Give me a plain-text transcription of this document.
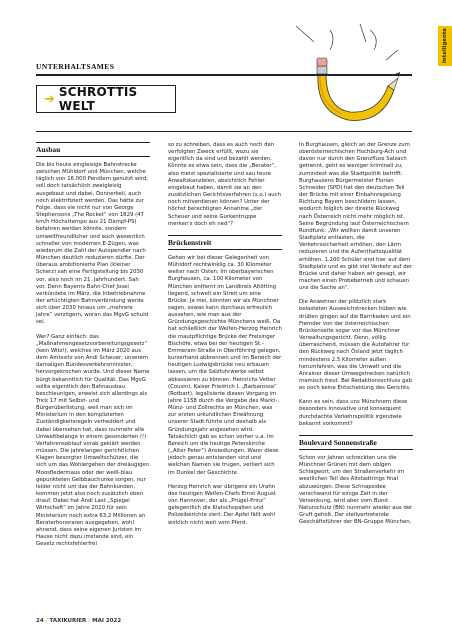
Intelligenta
UNTERHALTSAMES
➔ SCHROTTIS WELT
Ausbau

Die bis heute eingleisige Bahnstrecke zwischen Mühldorf und München, welche täglich von 16.000 Pendlern genutzt wird, soll doch tatsächlich zweigleisig ausgebaut und dabei, Donnerkeil, auch noch elektrifiziert werden. Das hätte zur Folge, dass sie nicht nur von George Stephensons „The Rocket“ von 1829 (47 km/h Höchsttempo aus 21 Dampf-PS) befahren werden könnte, sondern umweltfreundlicher und auch wesentlich schneller von modernen E-Zügen, was wiederum die Zahl der Autopendler nach München deutlich reduzieren dürfte. Der überaus ambitionierte Plan (kleiner Scherz) sah eine Fertigstellung bis 2030 vor, also noch im 21. Jahrhundert. Sah vor. Denn Bayerns Bahn-Chef Josel verkündete im März, die Inbetriebnahme der ertüchtigten Bahnverbindung werde sich über 2030 hinaus um „mehrere Jahre“ verzögern, woran das MgvG schuld sei.

Wer? Ganz einfach: das „Maßnahmengesetzvorbereitungsgesetz“ (kein Witz!), welches im März 2020 aus dem Amtssitz von Andi Scheuer, unserem damaligen Bundesverkehrsminister, hervorgekrochen wurde. Und dieser Name bürgt bekanntlich für Qualität. Das MgvG sollte eigentlich den Bahnausbau beschleunigen, erweist sich allerdings als Trick 17 mit Selbst- und Bürgerüberlistung, weil man sich im Ministerium in den komplizierten Zuständigkeitsregeln verheddert und dabei übersehen hat, dass nunmehr alle Umweltbelange in einem gesonderten (!) Verfahrensablauf vorab geklärt werden müssen. Die jahrelangen gerichtlichen Klagen besorgter Umweltschützer, die sich um das Wohlergehen der dreiäugigen Moosfledermaus oder der weiß-blau gepunkteten Gelbbauchunke sorgen, nur leider nicht um das der Bahnkunden, kommen jetzt also noch zusätzlich oben drauf. Dabei hat Andi Last „Spiegel Wirtschaft“ im Jahre 2020 für sein Ministerium noch extra 63,2 Millionen an Beraterhonoraren ausgegeben, wohl ahnend, dass seine eigenen Juristen im Hause nicht dazu imstande sind, ein Gesetz rechtsfehlerfrei

so zu schreiben, dass es auch noch den verfolgten Zweck erfüllt, wozu sie eigentlich da sind und bezahlt werden. Könnte es etwa sein, dass die „Berater“, also meist spezialisierte und sau teure Anwaltskanzleien, absichtlich Fehler eingebaut haben, damit sie an den zusätzlichen Gerichtsverfahren (s.o.) auch noch mitverdienen können? Unter der höchst berechtigten Annahme „der Scheuer und seine Gurkentruppe merken's doch eh ned“?

Brückenstreit

Gehen wir bei dieser Gelegenheit von Mühldorf rechtwinklig ca. 30 Kilometer weiter nach Osten: Im oberbayerischen Burghausen, ca. 100 Kilometer von München entfernt im Landkreis Altötting liegend, schwelt ein Streit um eine Brücke. Ja mei, könnten wir als Münchner sagen, sowas kann durchaus erfreulich aussehen, wie man aus der Gründungsgeschichte Münchens weiß. Da hat schließlich der Welfen-Herzog Heinrich die mautpflichtige Brücke der Freisinger Bischöfe, etwa bei der heutigen St.-Emmeram-Straße in Oberföhring gelegen, kurzerhand abbrennen und im Bereich der heutigen Ludwigsbrücke neu erbauen lassen, um die Salzfuhrwerke selbst abkassieren zu können. Heinrichs Vetter (Cousin), Kaiser Friedrich I. „Barbarossa“ (Rotbart), legalisierte diesen Vorgang im Jahre 1158 durch die Vergabe des Markt-, Münz- und Zollrechts an München, was zur ersten urkundlichen Erwähnung unserer Stadt führte und deshalb als Gründungsjahr angesehen wird. Tatsächlich gab es schon vorher u.a. im Bereich um die heutige Peterskirche („Alter Peter“) Ansiedlungen. Wann diese jedoch genau entstanden sind und welchen Namen sie trugen, verliert sich im Dunkel der Geschichte.

Herzog Heinrich war übrigens ein Urahn des heutigen Welfen-Chefs Ernst August von Hannover, der als „Prügel-Prinz“ gelegentlich die Klatschspalten und Polizeiberichte ziert. Der Apfel fällt wohl wirklich nicht weit vom Pferd.

In Burghausen, gleich an der Grenze zum oberösterreichischen Hochburg-Ach und davon nur durch den Grenzfluss Salzach getrennt, geht es weniger kriminell zu, zumindest was die Stadtpolitik betrifft. Burghausens Bürgermeister Florian Schneider (SPD) hat den deutschen Teil der Brücke mit einer Einbahnregelung Richtung Bayern beschildern lassen, wodurch folglich der direkte Rückweg nach Österreich nicht mehr möglich ist. Seine Begründung laut Österreichischem Rundfunk: „Wir wollten damit unseren Stadtplatz entlasten, die Verkehrssicherheit erhöhen, den Lärm reduzieren und die Aufenthaltsqualität erhöhen. 1.200 Schüler sind hier auf dem Stadtplatz und es gibt viel Verkehr auf der Brücke und daher haben wir gesagt, wir machen einen Probebetrieb und schauen uns die Sache an“.

Die Anwohner der plötzlich stark belasteten Ausweichstrecken hüben wie drüben gingen auf die Barrikaden und ein Fremder von der österreichischen Brückenseite sogar vor das Münchner Verwaltungsgericht. Denn, völlig überraschend, müssen die Autofahrer für den Rückweg nach Ösland jetzt täglich mindestens 2,5 Kilometer außen herumfahren, was die Umwelt und die Anrainer dieser Umwegstrecken natürlich mamisch freut. Bei Redaktionsschluss gab es noch keine Entscheidung des Gerichts.

Kann es sein, dass uns Münchnern diese besonders innovative und konsequent durchdachte Verkehrspolitik irgendwie bekannt vorkommt?

Boulevard Sonnenstraße

Schon vor Jahren schreckten uns die Münchner Grünen mit dem obigen Schlagwort, um den Straßenverkehr im westlichen Teil des Altstadtrings final abzuwürgen. Diese Schnapsidee verschwand für einige Zeit in der Versenkung, wird aber vom Bund Naturschutz (BN) nunmehr wieder aus der Gruft geholt. Der stellvertretende Geschäftsführer der BN-Gruppe München,

24 / TAXIKURIER / MAI 2022
